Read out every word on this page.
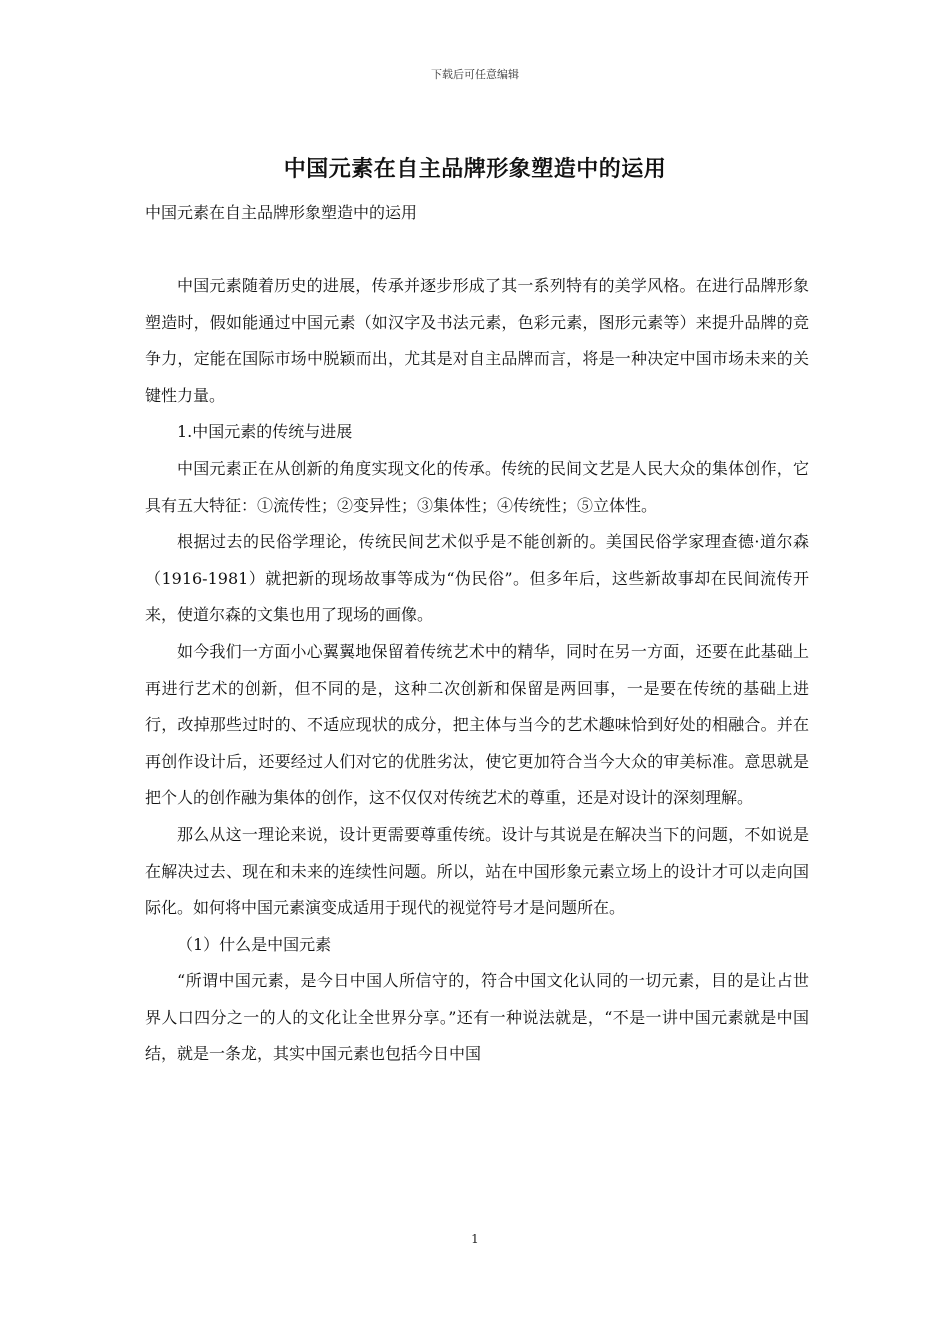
下载后可任意编辑
中国元素在自主品牌形象塑造中的运用

中国元素在自主品牌形象塑造中的运用

中国元素随着历史的进展，传承并逐步形成了其一系列特有的美学风格。在进行品牌形象塑造时，假如能通过中国元素（如汉字及书法元素，色彩元素，图形元素等）来提升品牌的竞争力，定能在国际市场中脱颖而出，尤其是对自主品牌而言，将是一种决定中国市场未来的关键性力量。

1.中国元素的传统与进展

中国元素正在从创新的角度实现文化的传承。传统的民间文艺是人民大众的集体创作，它具有五大特征：①流传性；②变异性；③集体性；④传统性；⑤立体性。

根据过去的民俗学理论，传统民间艺术似乎是不能创新的。美国民俗学家理查德·道尔森（1916-1981）就把新的现场故事等成为“伪民俗”。但多年后，这些新故事却在民间流传开来，使道尔森的文集也用了现场的画像。

如今我们一方面小心翼翼地保留着传统艺术中的精华，同时在另一方面，还要在此基础上再进行艺术的创新，但不同的是，这种二次创新和保留是两回事，一是要在传统的基础上进行，改掉那些过时的、不适应现状的成分，把主体与当今的艺术趣味恰到好处的相融合。并在再创作设计后，还要经过人们对它的优胜劣汰，使它更加符合当今大众的审美标准。意思就是把个人的创作融为集体的创作，这不仅仅对传统艺术的尊重，还是对设计的深刻理解。

那么从这一理论来说，设计更需要尊重传统。设计与其说是在解决当下的问题，不如说是在解决过去、现在和未来的连续性问题。所以，站在中国形象元素立场上的设计才可以走向国际化。如何将中国元素演变成适用于现代的视觉符号才是问题所在。

（1）什么是中国元素

“所谓中国元素，是今日中国人所信守的，符合中国文化认同的一切元素，目的是让占世界人口四分之一的人的文化让全世界分享。”还有一种说法就是，“不是一讲中国元素就是中国结，就是一条龙，其实中国元素也包括今日中国

1
